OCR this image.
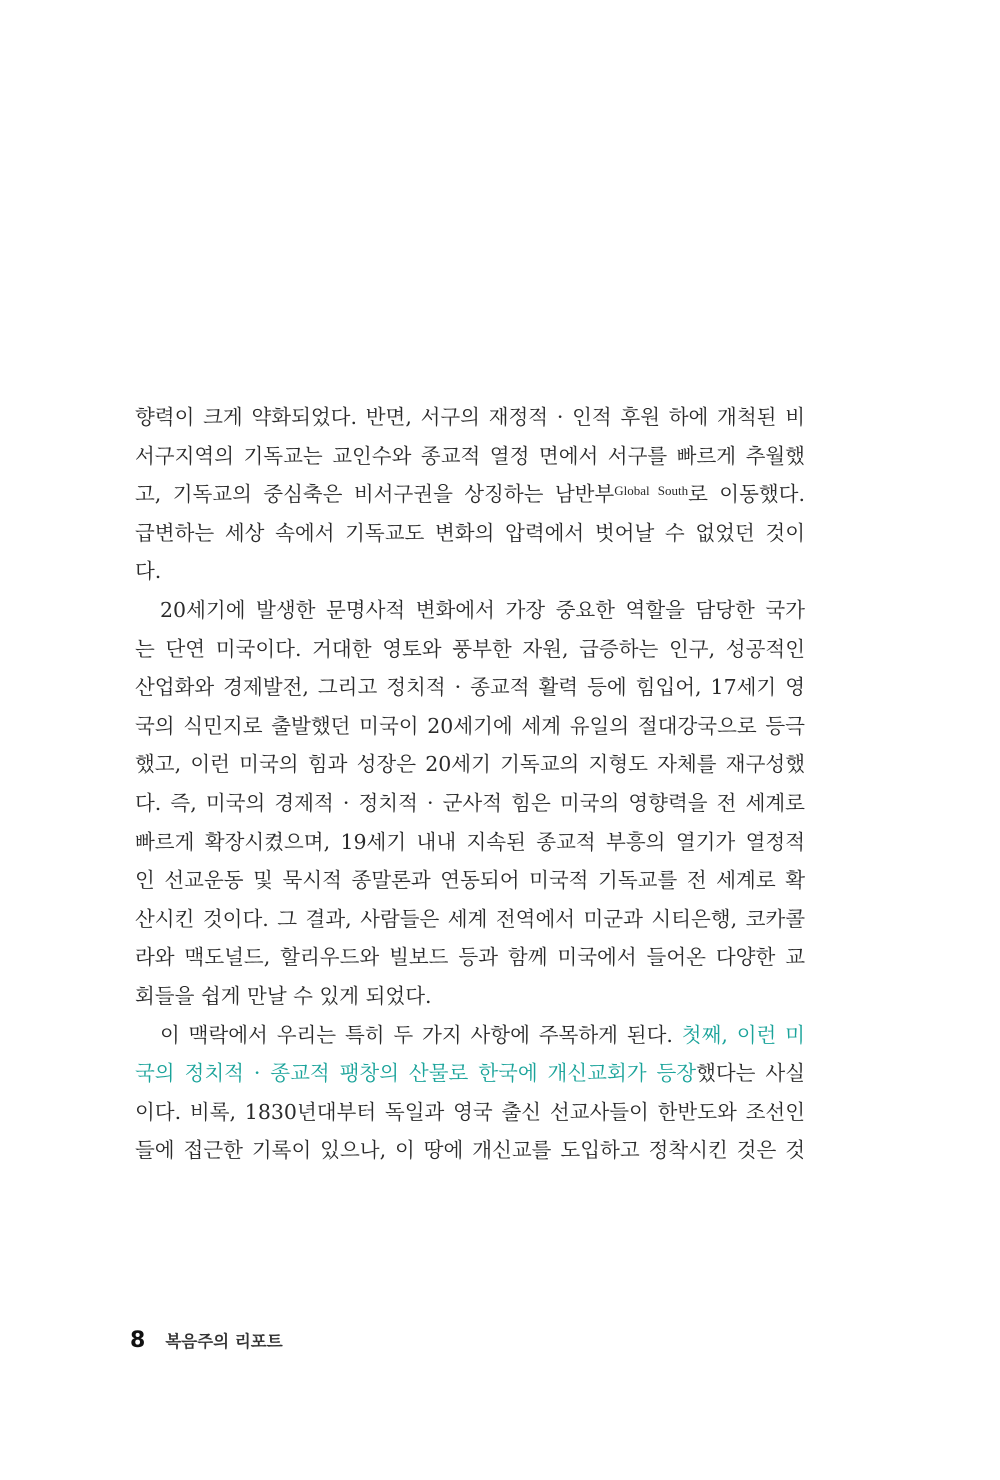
향력이 크게 약화되었다. 반면, 서구의 재정적 · 인적 후원 하에 개척된 비
서구지역의 기독교는 교인수와 종교적 열정 면에서 서구를 빠르게 추월했
고, 기독교의 중심축은 비서구권을 상징하는 남반부$^{Global South}$로 이동했다.
급변하는 세상 속에서 기독교도 변화의 압력에서 벗어날 수 없었던 것이
다.
20세기에 발생한 문명사적 변화에서 가장 중요한 역할을 담당한 국가
는 단연 미국이다. 거대한 영토와 풍부한 자원, 급증하는 인구, 성공적인
산업화와 경제발전, 그리고 정치적 · 종교적 활력 등에 힘입어, 17세기 영
국의 식민지로 출발했던 미국이 20세기에 세계 유일의 절대강국으로 등극
했고, 이런 미국의 힘과 성장은 20세기 기독교의 지형도 자체를 재구성했
다. 즉, 미국의 경제적 · 정치적 · 군사적 힘은 미국의 영향력을 전 세계로
빠르게 확장시켰으며, 19세기 내내 지속된 종교적 부흥의 열기가 열정적
인 선교운동 및 묵시적 종말론과 연동되어 미국적 기독교를 전 세계로 확
산시킨 것이다. 그 결과, 사람들은 세계 전역에서 미군과 시티은행, 코카콜
라와 맥도널드, 할리우드와 빌보드 등과 함께 미국에서 들어온 다양한 교
회들을 쉽게 만날 수 있게 되었다.
이 맥락에서 우리는 특히 두 가지 사항에 주목하게 된다. 첫째, 이런 미
국의 정치적 · 종교적 팽창의 산물로 한국에 개신교회가 등장했다는 사실
이다. 비록, 1830년대부터 독일과 영국 출신 선교사들이 한반도와 조선인
들에 접근한 기록이 있으나, 이 땅에 개신교를 도입하고 정착시킨 것은 것
8 복음주의 리포트
